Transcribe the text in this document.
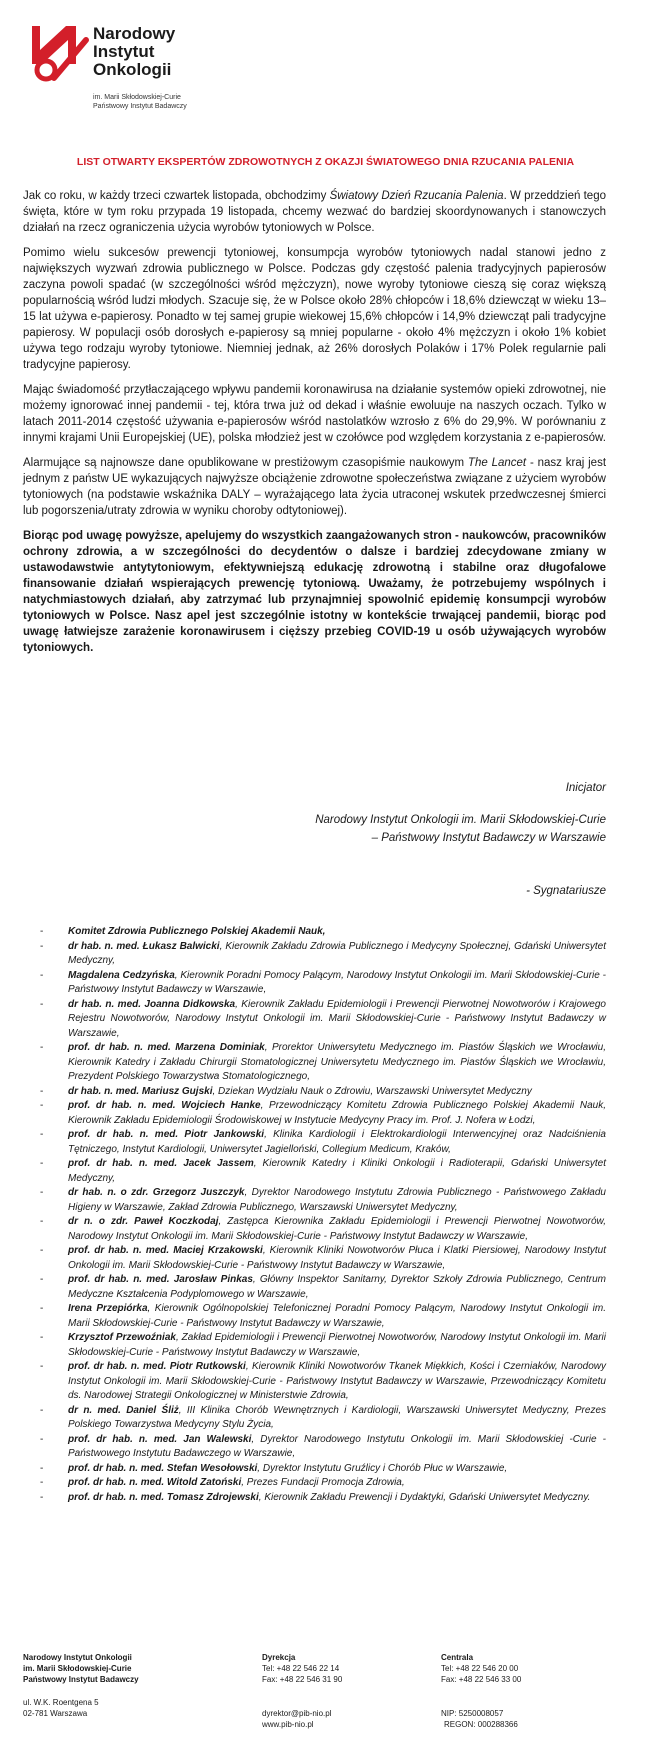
Narodowy
Instytut
Onkologii
im. Marii Skłodowskiej-Curie
Państwowy Instytut Badawczy
LIST OTWARTY EKSPERTÓW ZDROWOTNYCH Z OKAZJI ŚWIATOWEGO DNIA RZUCANIA PALENIA

Jak co roku, w każdy trzeci czwartek listopada, obchodzimy Światowy Dzień Rzucania Palenia. W przeddzień tego święta, które w tym roku przypada 19 listopada, chcemy wezwać do bardziej skoordynowanych i stanowczych działań na rzecz ograniczenia użycia wyrobów tytoniowych w Polsce.

Pomimo wielu sukcesów prewencji tytoniowej, konsumpcja wyrobów tytoniowych nadal stanowi jedno z największych wyzwań zdrowia publicznego w Polsce. Podczas gdy częstość palenia tradycyjnych papierosów zaczyna powoli spadać (w szczególności wśród mężczyzn), nowe wyroby tytoniowe cieszą się coraz większą popularnością wśród ludzi młodych. Szacuje się, że w Polsce około 28% chłopców i 18,6% dziewcząt w wieku 13–15 lat używa e-papierosy. Ponadto w tej samej grupie wiekowej 15,6% chłopców i 14,9% dziewcząt pali tradycyjne papierosy. W populacji osób dorosłych e-papierosy są mniej popularne - około 4% mężczyzn i około 1% kobiet używa tego rodzaju wyroby tytoniowe. Niemniej jednak, aż 26% dorosłych Polaków i 17% Polek regularnie pali tradycyjne papierosy.

Mając świadomość przytłaczającego wpływu pandemii koronawirusa na działanie systemów opieki zdrowotnej, nie możemy ignorować innej pandemii - tej, która trwa już od dekad i właśnie ewoluuje na naszych oczach. Tylko w latach 2011-2014 częstość używania e-papierosów wśród nastolatków wzrosło z 6% do 29,9%. W porównaniu z innymi krajami Unii Europejskiej (UE), polska młodzież jest w czołówce pod względem korzystania z e-papierosów.

Alarmujące są najnowsze dane opublikowane w prestiżowym czasopiśmie naukowym The Lancet - nasz kraj jest jednym z państw UE wykazujących najwyższe obciążenie zdrowotne społeczeństwa związane z użyciem wyrobów tytoniowych (na podstawie wskaźnika DALY – wyrażającego lata życia utraconej wskutek przedwczesnej śmierci lub pogorszenia/utraty zdrowia w wyniku choroby odtytoniowej).

Biorąc pod uwagę powyższe, apelujemy do wszystkich zaangażowanych stron - naukowców, pracowników ochrony zdrowia, a w szczególności do decydentów o dalsze i bardziej zdecydowane zmiany w ustawodawstwie antytytoniowym, efektywniejszą edukację zdrowotną i stabilne oraz długofalowe finansowanie działań wspierających prewencję tytoniową. Uważamy, że potrzebujemy wspólnych i natychmiastowych działań, aby zatrzymać lub przynajmniej spowolnić epidemię konsumpcji wyrobów tytoniowych w Polsce. Nasz apel jest szczególnie istotny w kontekście trwającej pandemii, biorąc pod uwagę łatwiejsze zarażenie koronawirusem i cięższy przebieg COVID-19 u osób używających wyrobów tytoniowych.

Inicjator
Narodowy Instytut Onkologii im. Marii Skłodowskiej-Curie
– Państwowy Instytut Badawczy w Warszawie
- Sygnatariusze
- Komitet Zdrowia Publicznego Polskiej Akademii Nauk,
- dr hab. n. med. Łukasz Balwicki, Kierownik Zakładu Zdrowia Publicznego i Medycyny Społecznej, Gdański Uniwersytet Medyczny,
- Magdalena Cedzyńska, Kierownik Poradni Pomocy Palącym, Narodowy Instytut Onkologii im. Marii Skłodowskiej-Curie - Państwowy Instytut Badawczy w Warszawie,
- dr hab. n. med. Joanna Didkowska, Kierownik Zakładu Epidemiologii i Prewencji Pierwotnej Nowotworów i Krajowego Rejestru Nowotworów, Narodowy Instytut Onkologii im. Marii Skłodowskiej-Curie - Państwowy Instytut Badawczy w Warszawie,
- prof. dr hab. n. med. Marzena Dominiak, Prorektor Uniwersytetu Medycznego im. Piastów Śląskich we Wrocławiu, Kierownik Katedry i Zakładu Chirurgii Stomatologicznej Uniwersytetu Medycznego im. Piastów Śląskich we Wrocławiu, Prezydent Polskiego Towarzystwa Stomatologicznego,
- dr hab. n. med. Mariusz Gujski, Dziekan Wydziału Nauk o Zdrowiu, Warszawski Uniwersytet Medyczny
- prof. dr hab. n. med. Wojciech Hanke, Przewodniczący Komitetu Zdrowia Publicznego Polskiej Akademii Nauk, Kierownik Zakładu Epidemiologii Środowiskowej w Instytucie Medycyny Pracy im. Prof. J. Nofera w Łodzi,
- prof. dr hab. n. med. Piotr Jankowski, Klinika Kardiologii i Elektrokardiologii Interwencyjnej oraz Nadciśnienia Tętniczego, Instytut Kardiologii, Uniwersytet Jagielloński, Collegium Medicum, Kraków,
- prof. dr hab. n. med. Jacek Jassem, Kierownik Katedry i Kliniki Onkologii i Radioterapii, Gdański Uniwersytet Medyczny,
- dr hab. n. o zdr. Grzegorz Juszczyk, Dyrektor Narodowego Instytutu Zdrowia Publicznego - Państwowego Zakładu Higieny w Warszawie, Zakład Zdrowia Publicznego, Warszawski Uniwersytet Medyczny,
- dr n. o zdr. Paweł Koczkodaj, Zastępca Kierownika Zakładu Epidemiologii i Prewencji Pierwotnej Nowotworów, Narodowy Instytut Onkologii im. Marii Skłodowskiej-Curie - Państwowy Instytut Badawczy w Warszawie,
- prof. dr hab. n. med. Maciej Krzakowski, Kierownik Kliniki Nowotworów Płuca i Klatki Piersiowej, Narodowy Instytut Onkologii im. Marii Skłodowskiej-Curie - Państwowy Instytut Badawczy w Warszawie,
- prof. dr hab. n. med. Jarosław Pinkas, Główny Inspektor Sanitarny, Dyrektor Szkoły Zdrowia Publicznego, Centrum Medyczne Kształcenia Podyplomowego w Warszawie,
- Irena Przepiórka, Kierownik Ogólnopolskiej Telefonicznej Poradni Pomocy Palącym, Narodowy Instytut Onkologii im. Marii Skłodowskiej-Curie - Państwowy Instytut Badawczy w Warszawie,
- Krzysztof Przewoźniak, Zakład Epidemiologii i Prewencji Pierwotnej Nowotworów, Narodowy Instytut Onkologii im. Marii Skłodowskiej-Curie - Państwowy Instytut Badawczy w Warszawie,
- prof. dr hab. n. med. Piotr Rutkowski, Kierownik Kliniki Nowotworów Tkanek Miękkich, Kości i Czerniaków, Narodowy Instytut Onkologii im. Marii Skłodowskiej-Curie - Państwowy Instytut Badawczy w Warszawie, Przewodniczący Komitetu ds. Narodowej Strategii Onkologicznej w Ministerstwie Zdrowia,
- dr n. med. Daniel Śliż, III Klinika Chorób Wewnętrznych i Kardiologii, Warszawski Uniwersytet Medyczny, Prezes Polskiego Towarzystwa Medycyny Stylu Życia,
- prof. dr hab. n. med. Jan Walewski, Dyrektor Narodowego Instytutu Onkologii im. Marii Skłodowskiej -Curie - Państwowego Instytutu Badawczego w Warszawie,
- prof. dr hab. n. med. Stefan Wesołowski, Dyrektor Instytutu Gruźlicy i Chorób Płuc w Warszawie,
- prof. dr hab. n. med. Witold Zatoński, Prezes Fundacji Promocja Zdrowia,
- prof. dr hab. n. med. Tomasz Zdrojewski, Kierownik Zakładu Prewencji i Dydaktyki, Gdański Uniwersytet Medyczny.
Narodowy Instytut Onkologii
im. Marii Skłodowskiej-Curie
Państwowy Instytut Badawczy
ul. W.K. Roentgena 5
02-781 Warszawa
Dyrekcja
Tel: +48 22 546 22 14
Fax: +48 22 546 31 90
dyrektor@pib-nio.pl
www.pib-nio.pl
Centrala
Tel: +48 22 546 20 00
Fax: +48 22 546 33 00
NIP: 5250008057
REGON: 000288366
